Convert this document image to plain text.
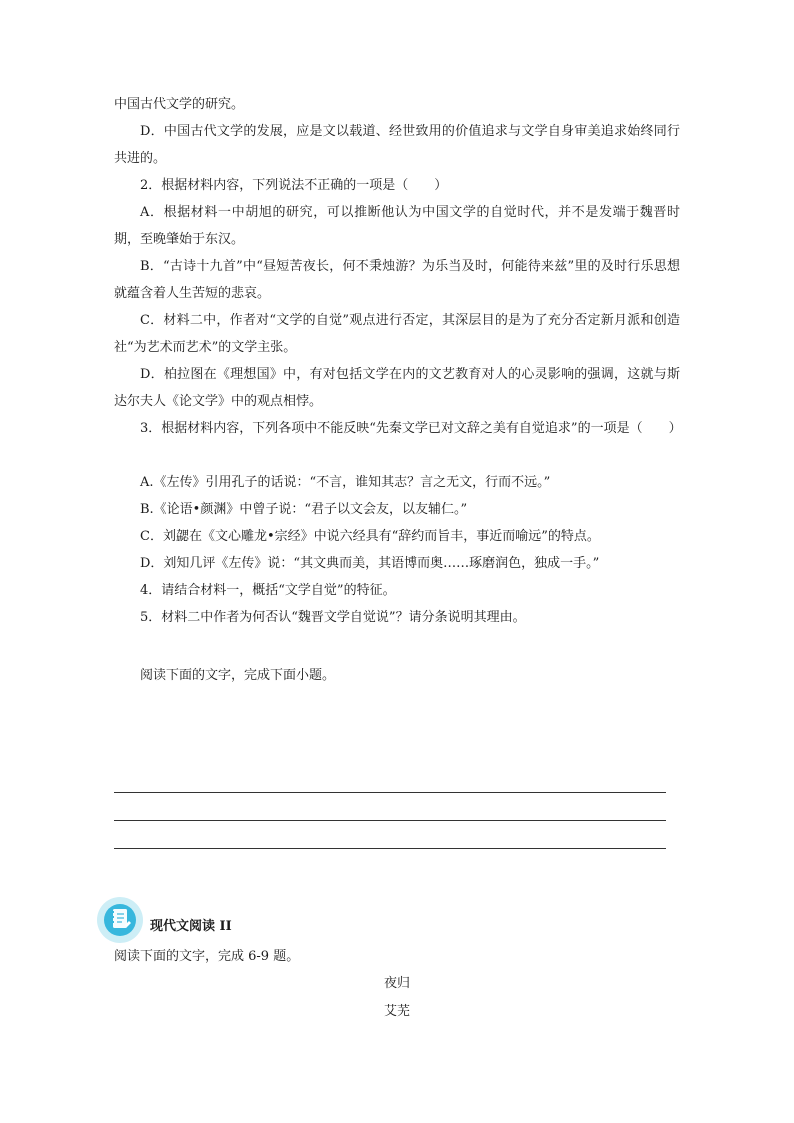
中国古代文学的研究。

D．中国古代文学的发展，应是文以载道、经世致用的价值追求与文学自身审美追求始终同行共进的。

2．根据材料内容，下列说法不正确的一项是（　　）

A．根据材料一中胡旭的研究，可以推断他认为中国文学的自觉时代，并不是发端于魏晋时期，至晚肇始于东汉。

B．“古诗十九首”中“昼短苦夜长，何不秉烛游？为乐当及时，何能待来兹”里的及时行乐思想就蕴含着人生苦短的悲哀。

C．材料二中，作者对“文学的自觉”观点进行否定，其深层目的是为了充分否定新月派和创造社“为艺术而艺术”的文学主张。

D．柏拉图在《理想国》中，有对包括文学在内的文艺教育对人的心灵影响的强调，这就与斯达尔夫人《论文学》中的观点相悖。

3．根据材料内容，下列各项中不能反映“先秦文学已对文辞之美有自觉追求”的一项是（　　）

A.《左传》引用孔子的话说：“不言，谁知其志？言之无文，行而不远。”

B.《论语•颜渊》中曾子说：“君子以文会友，以友辅仁。”

C．刘勰在《文心雕龙•宗经》中说六经具有“辞约而旨丰，事近而喻远”的特点。

D．刘知几评《左传》说：“其文典而美，其语博而奥……琢磨润色，独成一手。”

4．请结合材料一，概括“文学自觉”的特征。

5．材料二中作者为何否认“魏晋文学自觉说”？请分条说明其理由。

阅读下面的文字，完成下面小题。

现代文阅读 II

阅读下面的文字，完成 6-9 题。

夜归

艾芜
